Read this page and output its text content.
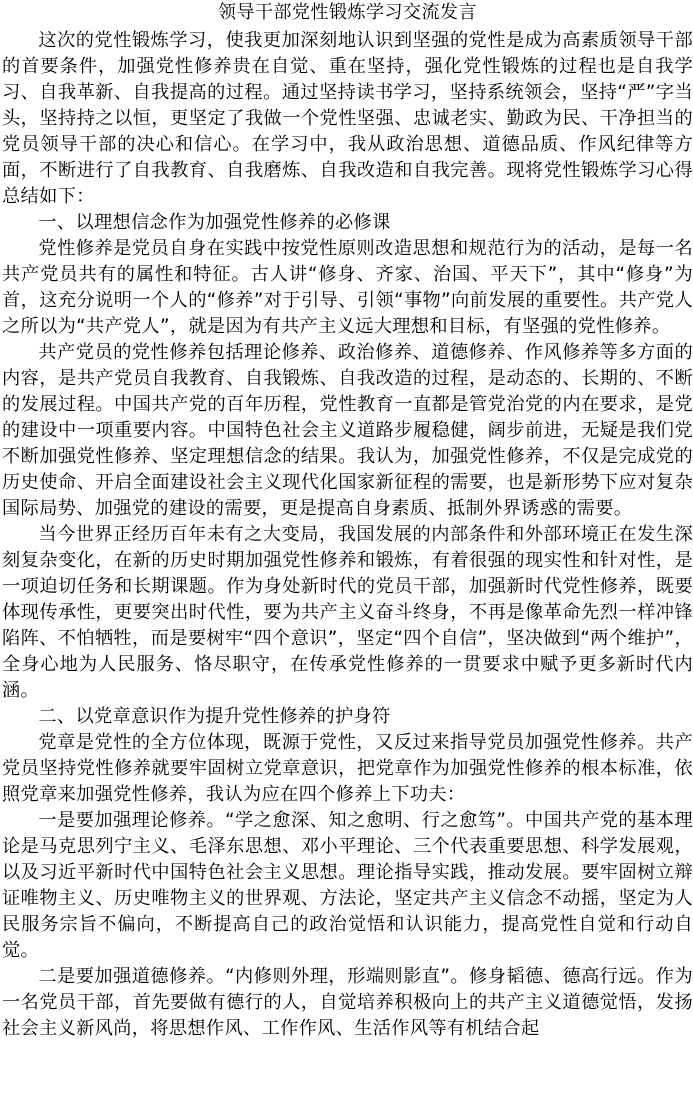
领导干部党性锻炼学习交流发言

这次的党性锻炼学习，使我更加深刻地认识到坚强的党性是成为高素质领导干部的首要条件，加强党性修养贵在自觉、重在坚持，强化党性锻炼的过程也是自我学习、自我革新、自我提高的过程。通过坚持读书学习，坚持系统领会，坚持“严”字当头，坚持持之以恒，更坚定了我做一个党性坚强、忠诚老实、勤政为民、干净担当的党员领导干部的决心和信心。在学习中，我从政治思想、道德品质、作风纪律等方面，不断进行了自我教育、自我磨炼、自我改造和自我完善。现将党性锻炼学习心得总结如下：

一、以理想信念作为加强党性修养的必修课

党性修养是党员自身在实践中按党性原则改造思想和规范行为的活动，是每一名共产党员共有的属性和特征。古人讲“修身、齐家、治国、平天下”，其中“修身”为首，这充分说明一个人的“修养”对于引导、引领“事物”向前发展的重要性。共产党人之所以为“共产党人”，就是因为有共产主义远大理想和目标，有坚强的党性修养。

共产党员的党性修养包括理论修养、政治修养、道德修养、作风修养等多方面的内容，是共产党员自我教育、自我锻炼、自我改造的过程，是动态的、长期的、不断的发展过程。中国共产党的百年历程，党性教育一直都是管党治党的内在要求，是党的建设中一项重要内容。中国特色社会主义道路步履稳健，阔步前进，无疑是我们党不断加强党性修养、坚定理想信念的结果。我认为，加强党性修养，不仅是完成党的历史使命、开启全面建设社会主义现代化国家新征程的需要，也是新形势下应对复杂国际局势、加强党的建设的需要，更是提高自身素质、抵制外界诱惑的需要。

当今世界正经历百年未有之大变局，我国发展的内部条件和外部环境正在发生深刻复杂变化，在新的历史时期加强党性修养和锻炼，有着很强的现实性和针对性，是一项迫切任务和长期课题。作为身处新时代的党员干部，加强新时代党性修养，既要体现传承性，更要突出时代性，要为共产主义奋斗终身，不再是像革命先烈一样冲锋陷阵、不怕牺牲，而是要树牢“四个意识”，坚定“四个自信”，坚决做到“两个维护”，全身心地为人民服务、恪尽职守，在传承党性修养的一贯要求中赋予更多新时代内涵。

二、以党章意识作为提升党性修养的护身符

党章是党性的全方位体现，既源于党性，又反过来指导党员加强党性修养。共产党员坚持党性修养就要牢固树立党章意识，把党章作为加强党性修养的根本标准，依照党章来加强党性修养，我认为应在四个修养上下功夫：

一是要加强理论修养。“学之愈深、知之愈明、行之愈笃”。中国共产党的基本理论是马克思列宁主义、毛泽东思想、邓小平理论、三个代表重要思想、科学发展观，以及习近平新时代中国特色社会主义思想。理论指导实践，推动发展。要牢固树立辩证唯物主义、历史唯物主义的世界观、方法论，坚定共产主义信念不动摇，坚定为人民服务宗旨不偏向，不断提高自己的政治觉悟和认识能力，提高党性自觉和行动自觉。

二是要加强道德修养。“内修则外理，形端则影直”。修身韬德、德高行远。作为一名党员干部，首先要做有德行的人，自觉培养积极向上的共产主义道德觉悟，发扬社会主义新风尚，将思想作风、工作作风、生活作风等有机结合起
